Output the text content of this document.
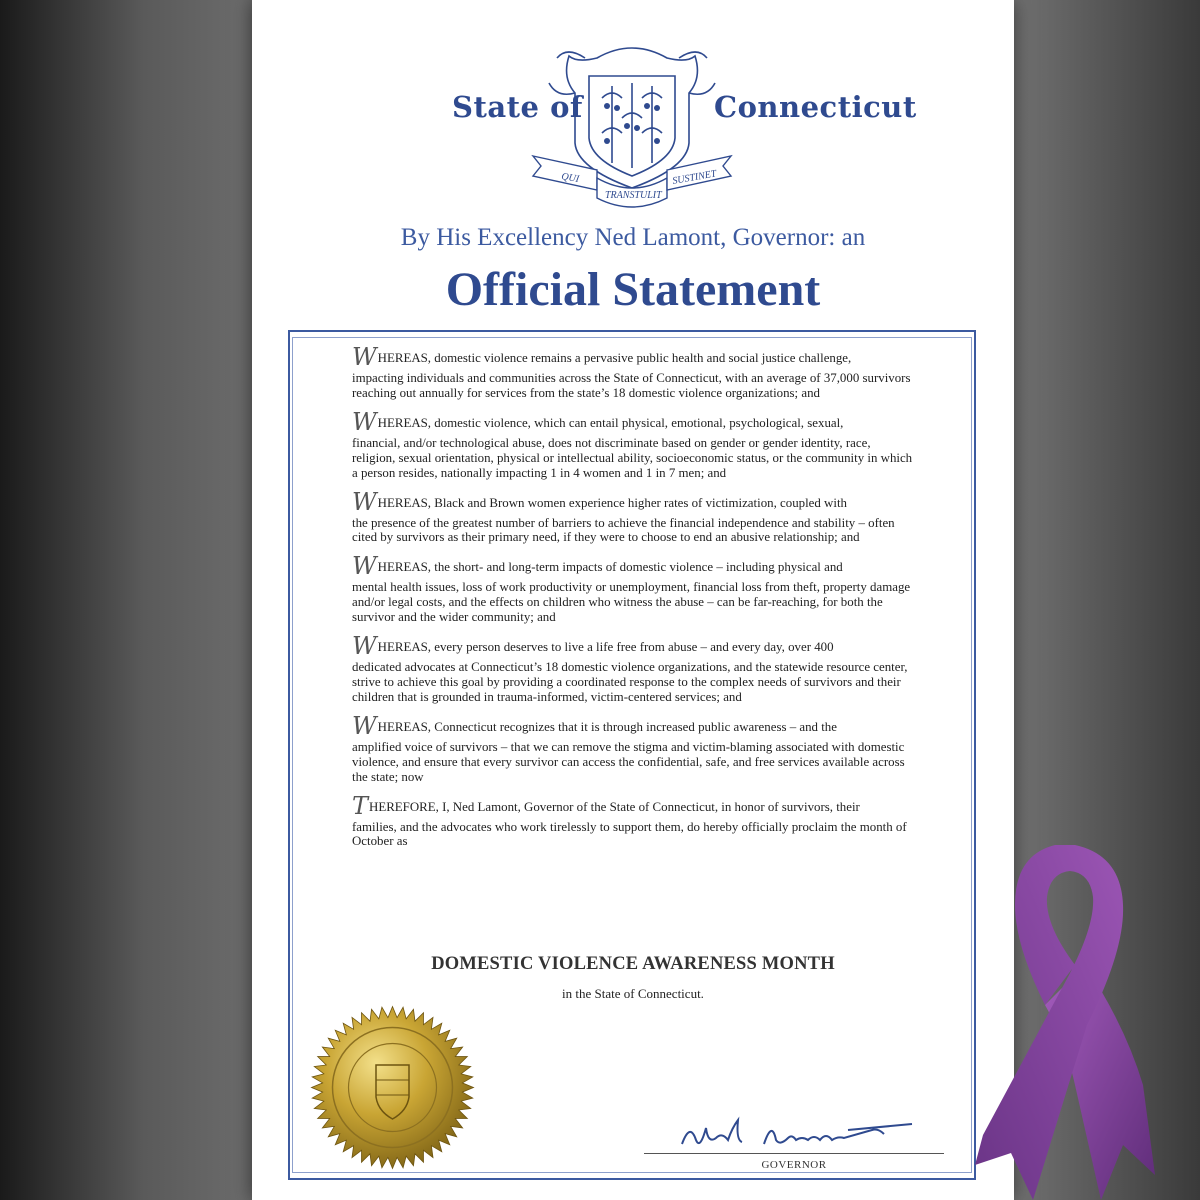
QUI
TRANSTULIT
SUSTINET
State of	Connecticut
By His Excellency Ned Lamont, Governor: an
Official Statement

WHEREAS, domestic violence remains a pervasive public health and social justice challenge,
impacting individuals and communities across the State of Connecticut, with an average of 37,000 survivors reaching out annually for services from the state’s 18 domestic violence organizations; and

WHEREAS, domestic violence, which can entail physical, emotional, psychological, sexual,
financial, and/or technological abuse, does not discriminate based on gender or gender identity, race, religion, sexual orientation, physical or intellectual ability, socioeconomic status, or the community in which a person resides, nationally impacting 1 in 4 women and 1 in 7 men; and

WHEREAS, Black and Brown women experience higher rates of victimization, coupled with
the presence of the greatest number of barriers to achieve the financial independence and stability – often cited by survivors as their primary need, if they were to choose to end an abusive relationship; and

WHEREAS, the short- and long-term impacts of domestic violence – including physical and
mental health issues, loss of work productivity or unemployment, financial loss from theft, property damage and/or legal costs, and the effects on children who witness the abuse – can be far-reaching, for both the survivor and the wider community; and

WHEREAS, every person deserves to live a life free from abuse – and every day, over 400
dedicated advocates at Connecticut’s 18 domestic violence organizations, and the statewide resource center, strive to achieve this goal by providing a coordinated response to the complex needs of survivors and their children that is grounded in trauma-informed, victim-centered services; and

WHEREAS, Connecticut recognizes that it is through increased public awareness – and the
amplified voice of survivors – that we can remove the stigma and victim-blaming associated with domestic violence, and ensure that every survivor can access the confidential, safe, and free services available across the state; now

THEREFORE, I, Ned Lamont, Governor of the State of Connecticut, in honor of survivors, their
families, and the advocates who work tirelessly to support them, do hereby officially proclaim the month of October as

DOMESTIC VIOLENCE AWARENESS MONTH
in the State of Connecticut.
GOVERNOR
